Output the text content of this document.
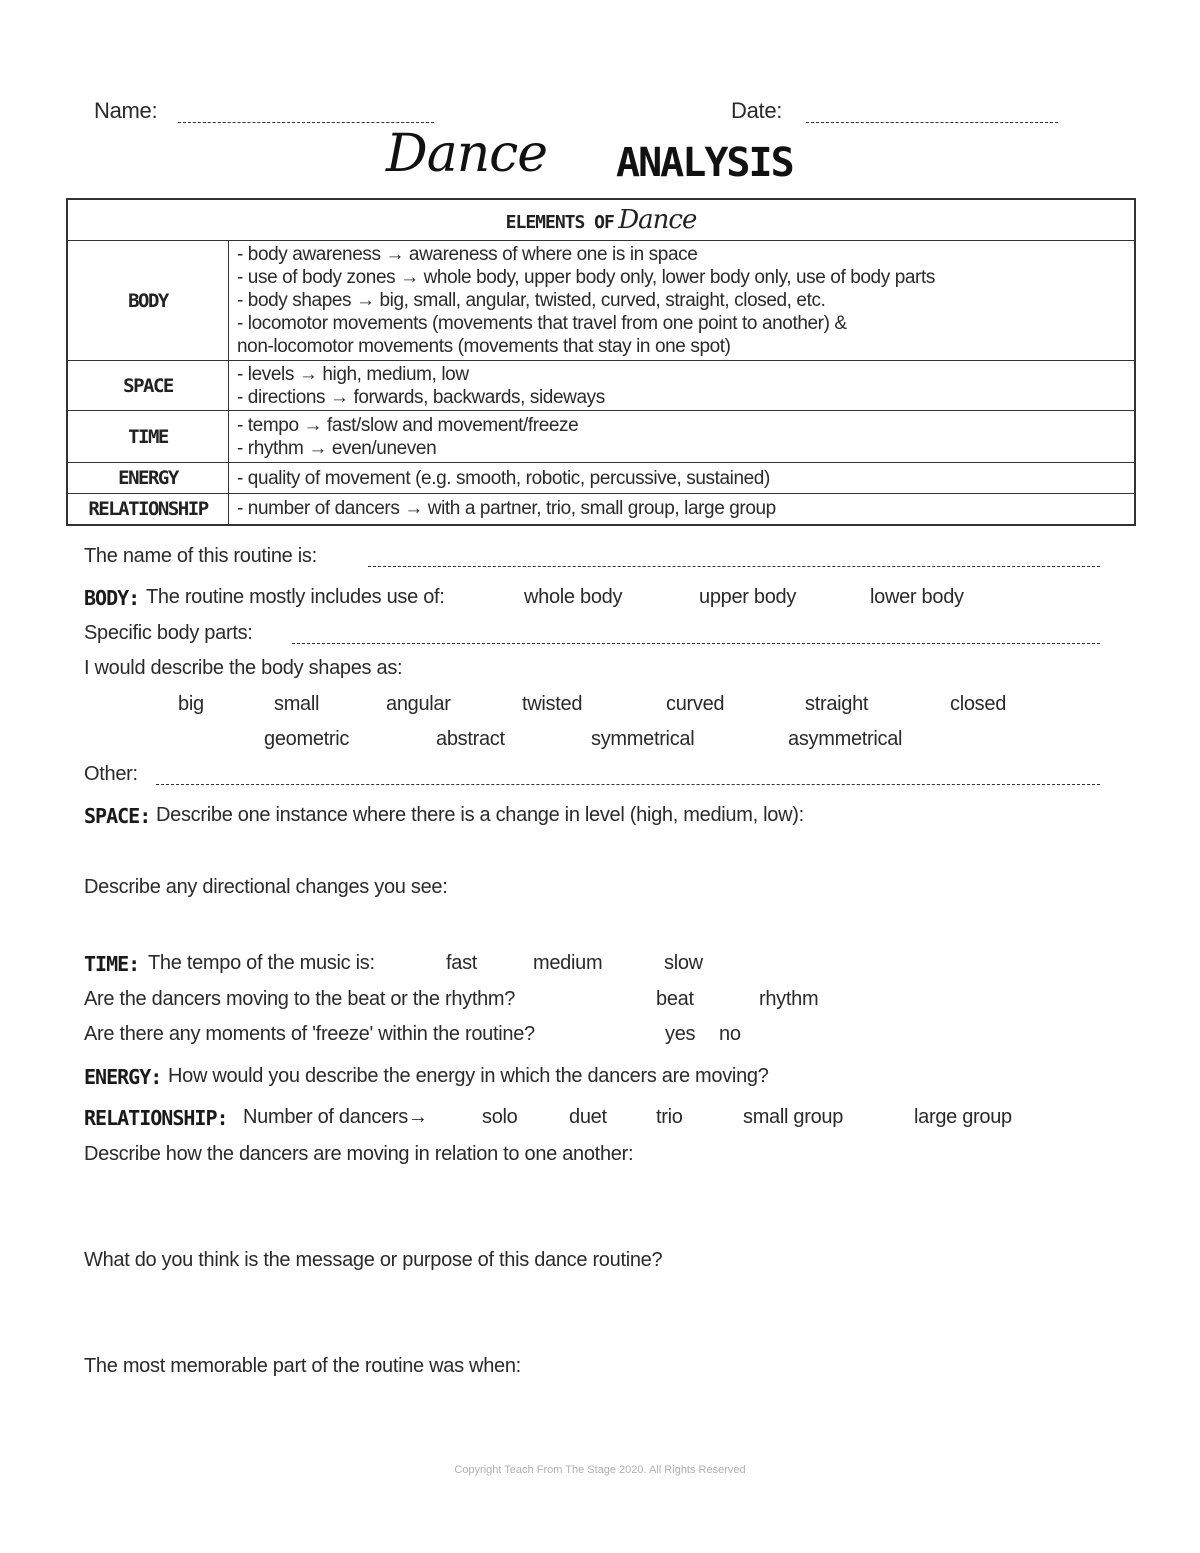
Name:	Date:
Dance ANALYSIS
ELEMENTS OF Dance	
BODY	- body awareness → awareness of where one is in space
- use of body zones → whole body, upper body only, lower body only, use of body parts
- body shapes → big, small, angular, twisted, curved, straight, closed, etc.
- locomotor movements (movements that travel from one point to another) &
non-locomotor movements (movements that stay in one spot)

SPACE	- levels → high, medium, low
- directions → forwards, backwards, sideways

TIME	- tempo → fast/slow and movement/freeze
- rhythm → even/uneven

ENERGY	- quality of movement (e.g. smooth, robotic, percussive, sustained)

RELATIONSHIP	- number of dancers → with a partner, trio, small group, large group
The name of this routine is:
BODY: The routine mostly includes use of:	whole body	upper body	lower body
Specific body parts:
I would describe the body shapes as:
big	small	angular	twisted	curved	straight	closed
geometric	abstract	symmetrical	asymmetrical
Other:
SPACE: Describe one instance where there is a change in level (high, medium, low):
Describe any directional changes you see:
TIME: The tempo of the music is:	fast	medium	slow
Are the dancers moving to the beat or the rhythm?	beat	rhythm
Are there any moments of 'freeze' within the routine?	yes no
ENERGY: How would you describe the energy in which the dancers are moving?
RELATIONSHIP: Number of dancers→	solo	duet trio	small group	large group
Describe how the dancers are moving in relation to one another:
What do you think is the message or purpose of this dance routine?
The most memorable part of the routine was when:
Copyright Teach From The Stage 2020. All Rights Reserved
